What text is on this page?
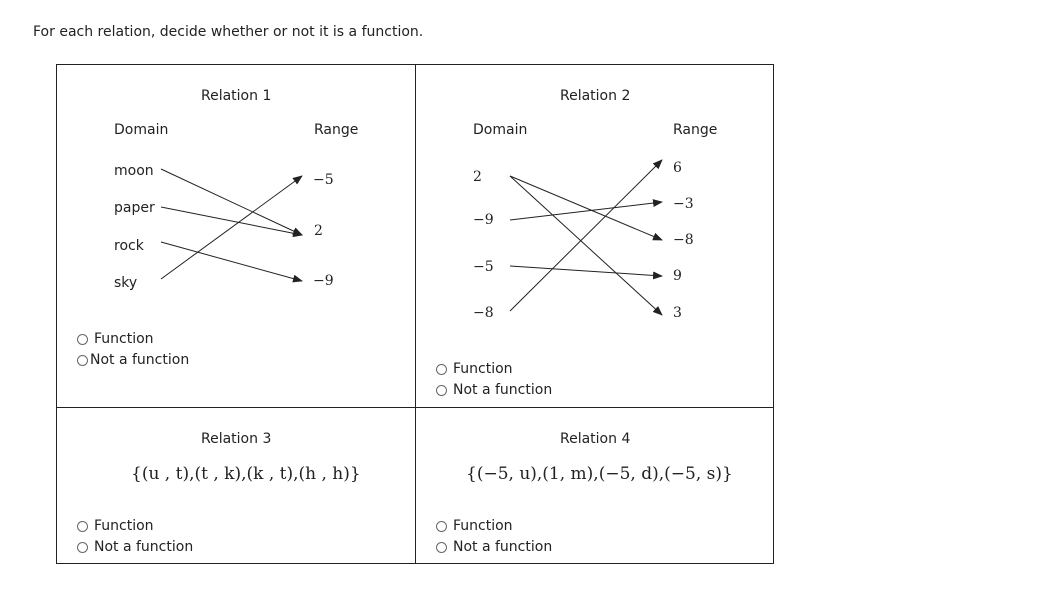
For each relation, decide whether or not it is a function.
Relation 1
Domain	Range
moon
paper
rock
sky
−5
2
−9
Function
Not a function
Relation 2
Domain	Range
2
−9
−5
−8
6
−3
−8
9
3
Function
Not a function
Relation 3
{(u , t),(t , k),(k , t),(h , h)}
Function
Not a function
Relation 4
{(−5, u),(1, m),(−5, d),(−5, s)}
Function
Not a function
